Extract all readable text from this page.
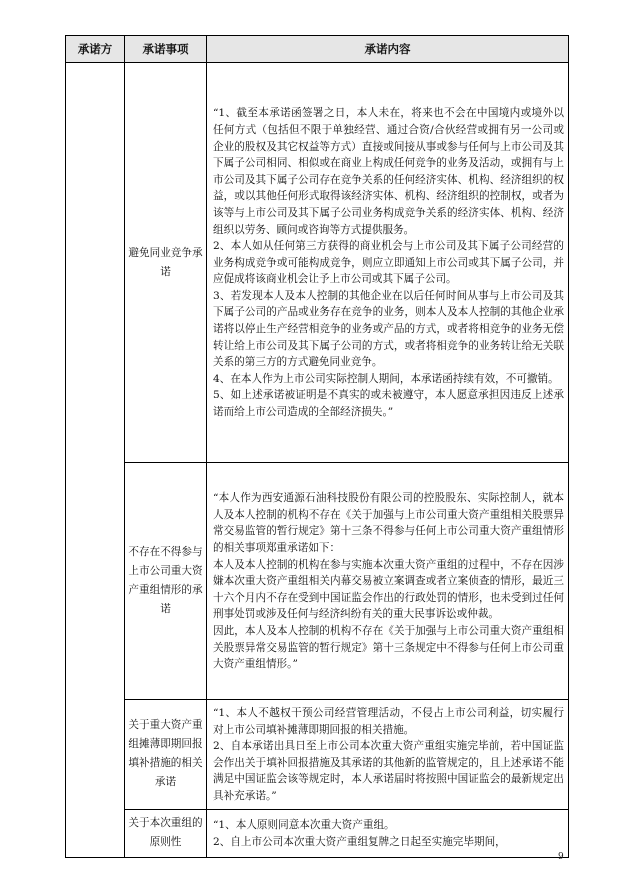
承诺方	承诺事项	承诺内容
	避免同业竞争承诺	“1、截至本承诺函签署之日，本人未在，将来也不会在中国境内或境外以任何方式（包括但不限于单独经营、通过合资/合伙经营或拥有另一公司或企业的股权及其它权益等方式）直接或间接从事或参与任何与上市公司及其下属子公司相同、相似或在商业上构成任何竞争的业务及活动，或拥有与上市公司及其下属子公司存在竞争关系的任何经济实体、机构、经济组织的权益，或以其他任何形式取得该经济实体、机构、经济组织的控制权，或者为该等与上市公司及其下属子公司业务构成竞争关系的经济实体、机构、经济组织以劳务、顾问或咨询等方式提供服务。

2、本人如从任何第三方获得的商业机会与上市公司及其下属子公司经营的业务构成竞争或可能构成竞争，则应立即通知上市公司或其下属子公司，并应促成将该商业机会让予上市公司或其下属子公司。

3、若发现本人及本人控制的其他企业在以后任何时间从事与上市公司及其下属子公司的产品或业务存在竞争的业务，则本人及本人控制的其他企业承诺将以停止生产经营相竞争的业务或产品的方式，或者将相竞争的业务无偿转让给上市公司及其下属子公司的方式，或者将相竞争的业务转让给无关联关系的第三方的方式避免同业竞争。

4、在本人作为上市公司实际控制人期间，本承诺函持续有效，不可撤销。

5、如上述承诺被证明是不真实的或未被遵守，本人愿意承担因违反上述承诺而给上市公司造成的全部经济损失。”

	不存在不得参与上市公司重大资产重组情形的承诺	“本人作为西安通源石油科技股份有限公司的控股股东、实际控制人，就本人及本人控制的机构不存在《关于加强与上市公司重大资产重组相关股票异常交易监管的暂行规定》第十三条不得参与任何上市公司重大资产重组情形的相关事项郑重承诺如下：

本人及本人控制的机构在参与实施本次重大资产重组的过程中，不存在因涉嫌本次重大资产重组相关内幕交易被立案调查或者立案侦查的情形，最近三十六个月内不存在受到中国证监会作出的行政处罚的情形，也未受到过任何刑事处罚或涉及任何与经济纠纷有关的重大民事诉讼或仲裁。

因此，本人及本人控制的机构不存在《关于加强与上市公司重大资产重组相关股票异常交易监管的暂行规定》第十三条规定中不得参与任何上市公司重大资产重组情形。”

	关于重大资产重组摊薄即期回报填补措施的相关承诺	“1、本人不越权干预公司经营管理活动，不侵占上市公司利益，切实履行对上市公司填补摊薄即期回报的相关措施。

2、自本承诺出具日至上市公司本次重大资产重组实施完毕前，若中国证监会作出关于填补回报措施及其承诺的其他新的监管规定的，且上述承诺不能满足中国证监会该等规定时，本人承诺届时将按照中国证监会的最新规定出具补充承诺。”

	关于本次重组的原则性	“1、本人原则同意本次重大资产重组。

2、自上市公司本次重大资产重组复牌之日起至实施完毕期间，

9
